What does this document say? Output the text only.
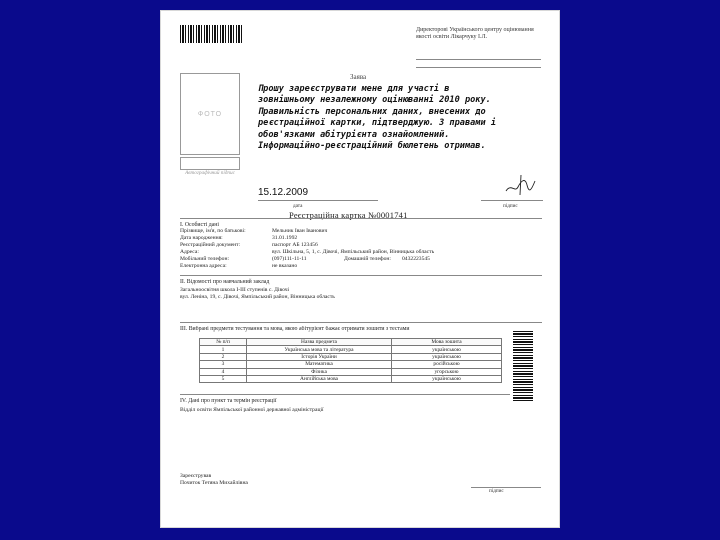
Директорові Українського центру оцінювання якості освіти Лікарчуку І.Л.
ФОТО
Автографічний підпис
Заява
Прошу зареєструвати мене для участі в зовнішньому незалежному оцінюванні 2010 року. Правильність персональних даних, внесених до реєстраційної картки, підтверджую. З правами і обов'язками абітурієнта ознайомлений. Інформаційно-реєстраційний бюлетень отримав.
15.12.2009
дата	підпис
Реєстраційна картка №0001741
І. Особисті дані
Прізвище, ім'я, по батькові:	Мельник Іван Іванович
Дата народження:	31.01.1992
Реєстраційний документ:	паспорт АБ 123456
Адреса:	вул. Шкільна, 5, 1, с. Дівочі, Ямпільський район, Вінницька область
Мобільний телефон:	(097)111-11-11	Домашній телефон: 0432223545
Електронна адреса:	не вказано
ІІ. Відомості про навчальний заклад
Загальноосвітня школа І-ІІІ ступенів с. Дівочі
вул. Леніна, 19, с. Дівочі, Ямпільський район, Вінницька область
ІІІ. Вибрані предмети тестування та мова, якою абітурієнт бажає отримати зошити з тестами
№ п/п	Назва предмета	Мова зошита
1	Українська мова та література	українською
2	Історія України	українською
3	Математика	російською
4	Фізика	угорською
5	Англійська мова	українською
IV. Дані про пункт та термін реєстрації
Відділ освіти Ямпільської районної державної адміністрації
Зареєстрував
Почиток Тетяна Михайлівна
підпис
